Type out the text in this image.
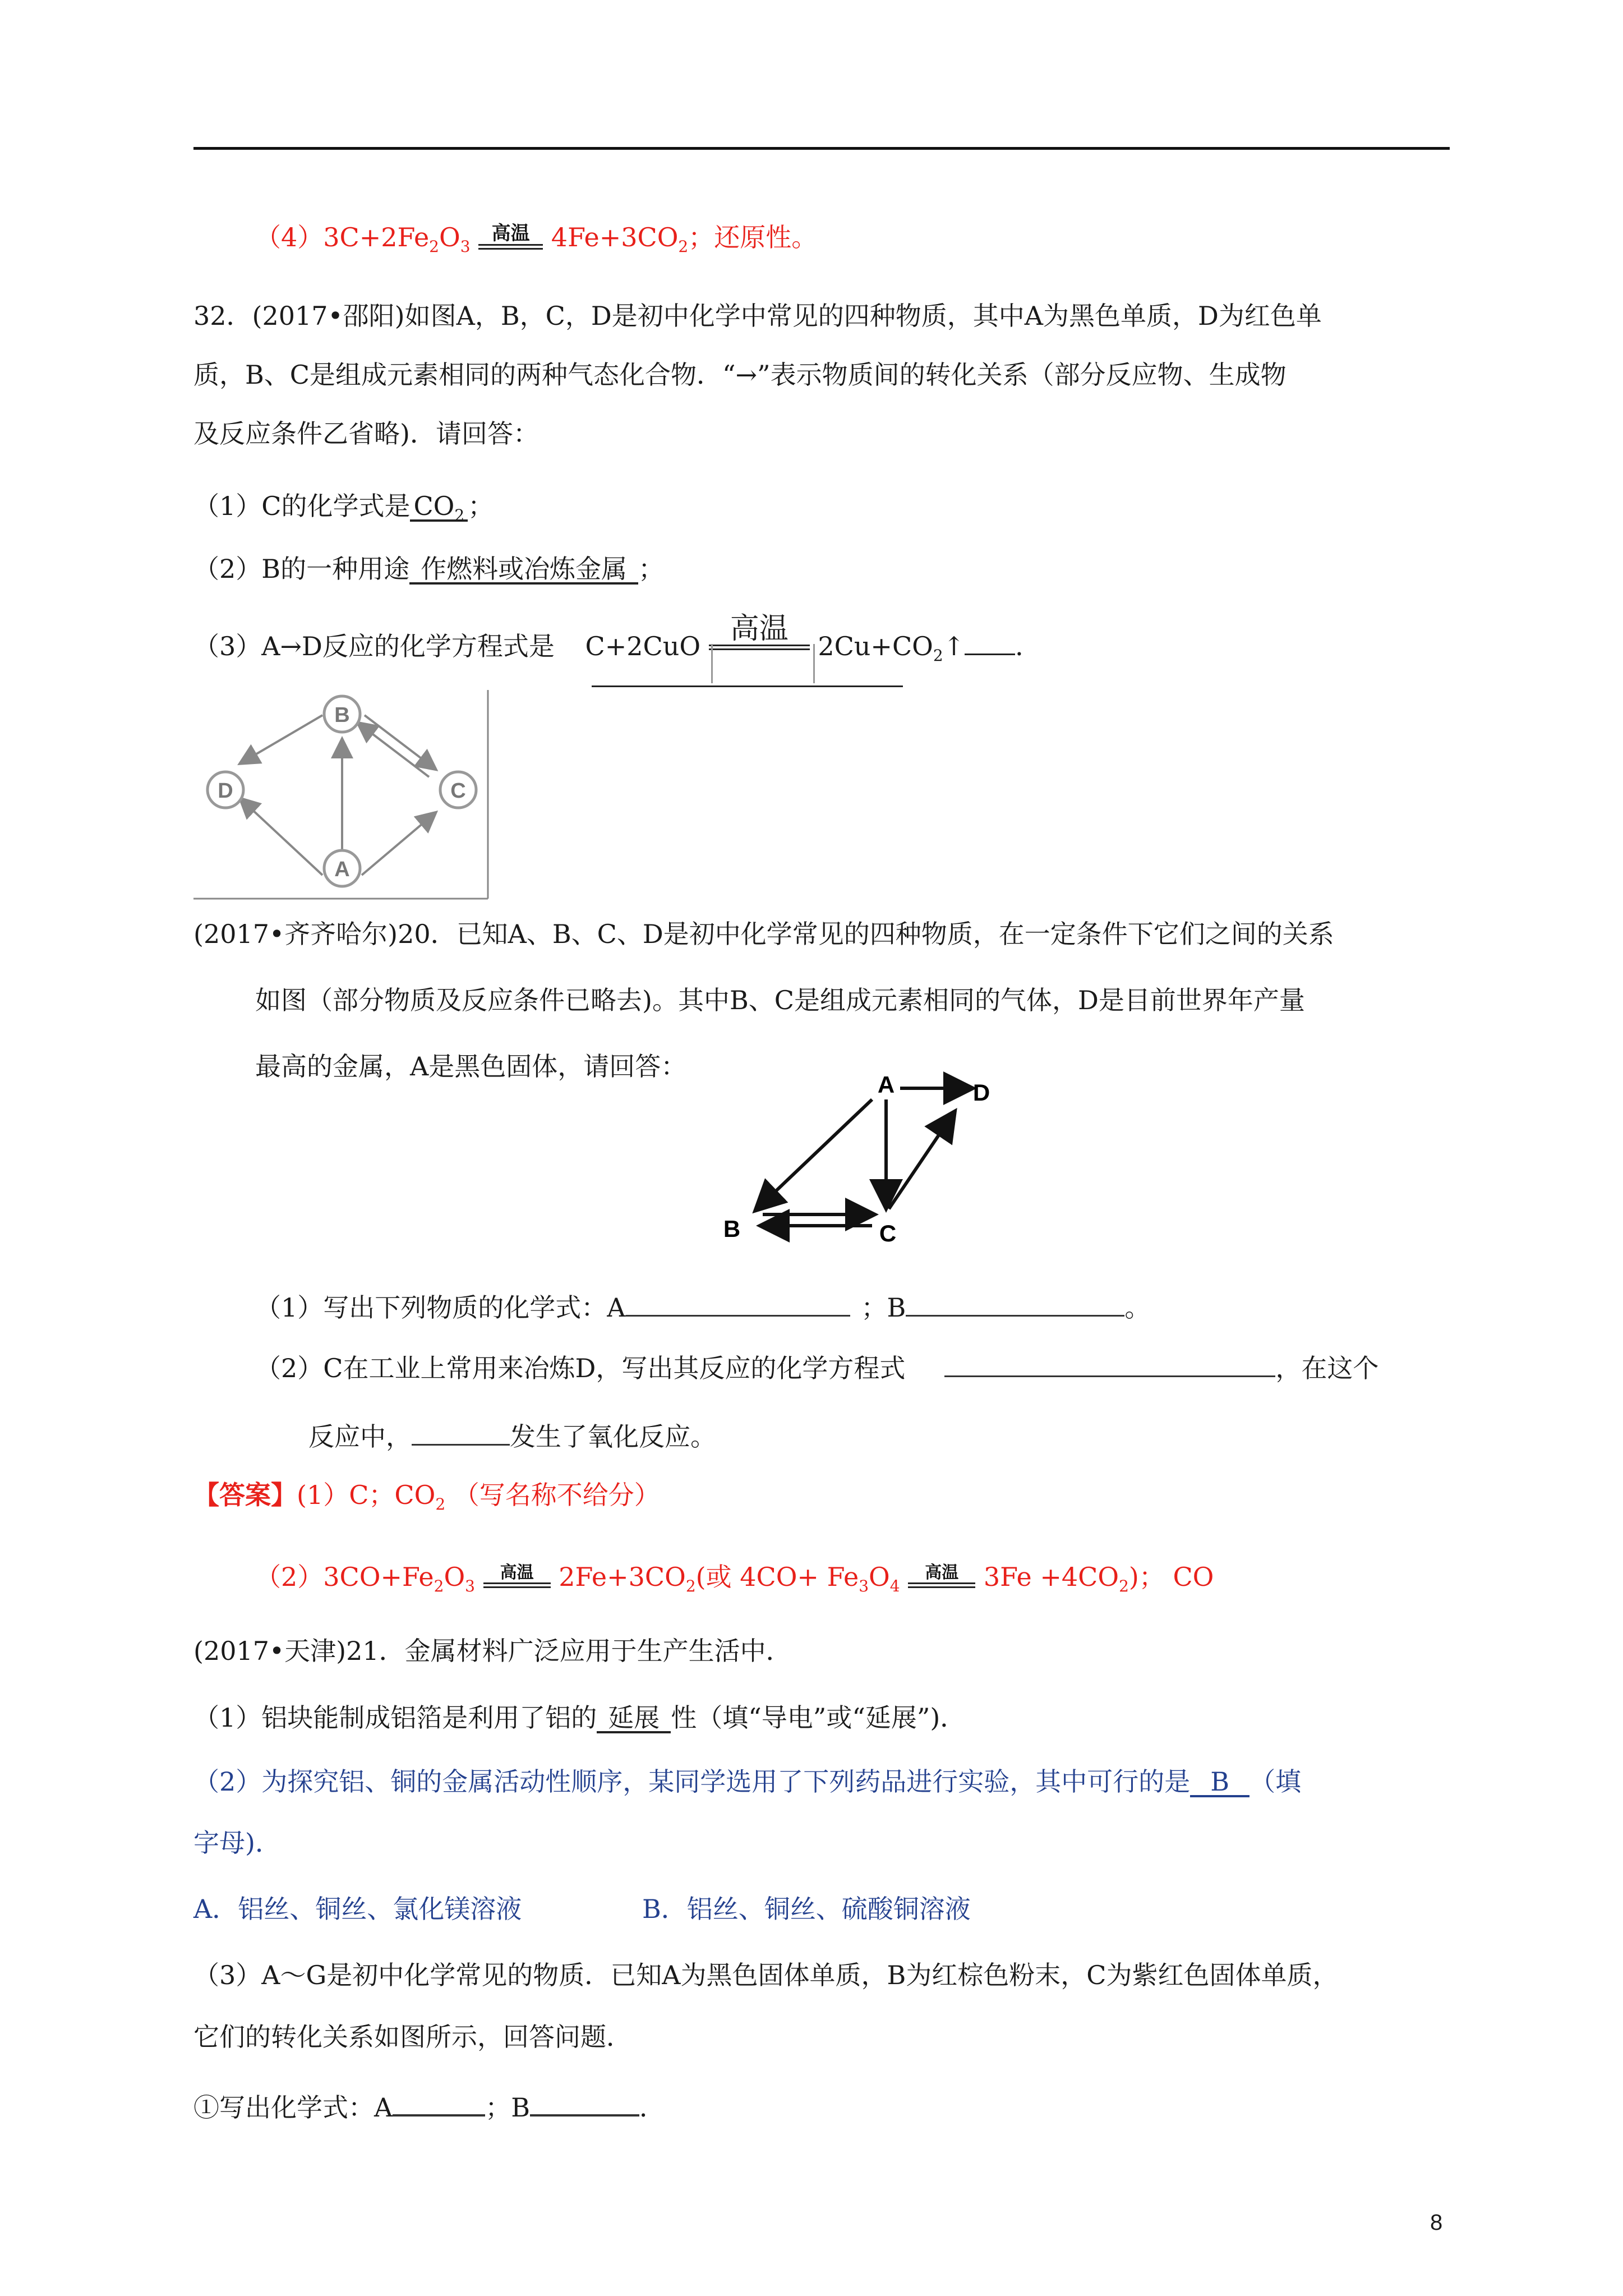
$(4)3C+2Fe_2O_3$
高温 $4Fe+3CO_2$；还原性。
32．(2017•邵阳)如图A，B，C，D是初中化学中常见的四种物质，其中A为黑色单质，D为红色单
质，B、C是组成元素相同的两种气态化合物．“→”表示物质间的转化关系（部分反应物、生成物
及反应条件乙省略)．请回答：
（1）C的化学式是 $CO_2$ ；
（2）B的一种用途 作燃料或冶炼金属 ；
（3）A→D反应的化学方程式是 C+2CuO
高温
$2Cu+CO_2↑$ ．
B
D	C
A
(2017•齐齐哈尔)20．已知A、B、C、D是初中化学常见的四种物质，在一定条件下它们之间的关系
如图（部分物质及反应条件已略去)。其中B、C是组成元素相同的气体，D是目前世界年产量
最高的金属，A是黑色固体，请回答：
A	D
B	C
（1）写出下列物质的化学式：A	；B	。
（2）C在工业上常用来冶炼D，写出其反应的化学方程式	，在这个
反应中，	发生了氧化反应。
【答案】(1）C；$CO_2$ （写名称不给分）
$(2)3CO+Fe_2O_3$
高温 $2Fe+3CO_2$(或 $4CO+ Fe_3O_4$
高温 $3Fe +4CO_2$)； CO
(2017•天津)21．金属材料广泛应用于生产生活中．
（1）铝块能制成铝箔是利用了铝的 延展 性（填“导电”或“延展”)．
（2）为探究铝、铜的金属活动性顺序，某同学选用了下列药品进行实验，其中可行的是 B （填
字母)．
A．铝丝、铜丝、氯化镁溶液	B．铝丝、铜丝、硫酸铜溶液
（3）A～G是初中化学常见的物质．已知A为黑色固体单质，B为红棕色粉末，C为紫红色固体单质，
它们的转化关系如图所示，回答问题．
①写出化学式：A	；B	．
8
